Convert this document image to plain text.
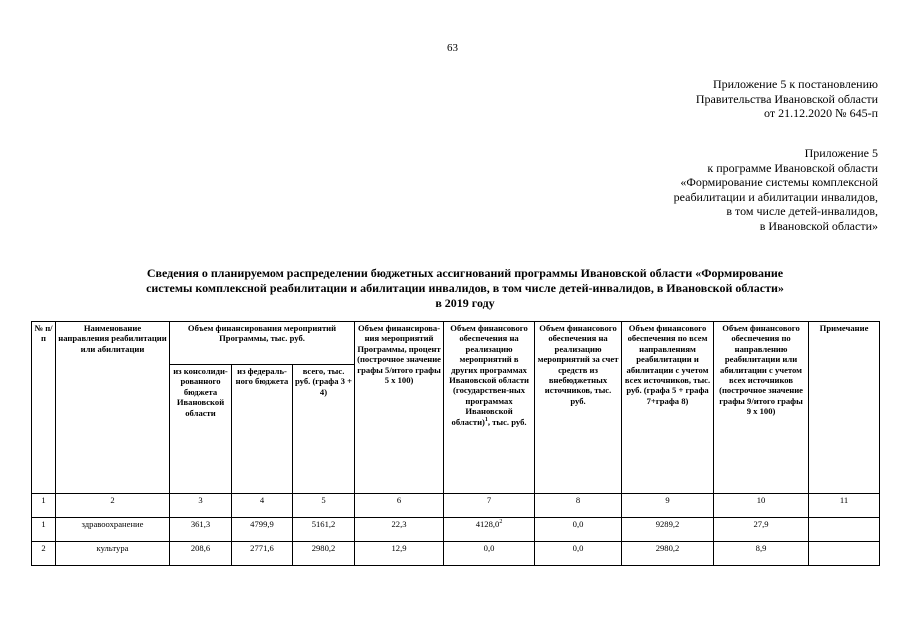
63
Приложение 5 к постановлению
Правительства Ивановской области
от 21.12.2020 № 645-п
Приложение 5
к программе Ивановской области
«Формирование системы комплексной
реабилитации и абилитации инвалидов,
в том числе детей-инвалидов,
в Ивановской области»
Сведения о планируемом распределении бюджетных ассигнований программы Ивановской области «Формирование
системы комплексной реабилитации и абилитации инвалидов, в том числе детей-инвалидов, в Ивановской области»
в 2019 году
№ п/п	Наименование направления реабилитации или абилитации	Объем финансирования мероприятий Программы, тыс. руб.			Объем финансирова-ния мероприятий Программы, процент (построчное значение графы 5/итого графы 5 х 100)	Объем финансового обеспечения на реализацию мероприятий в других программах Ивановской области (государствен-ных программах Ивановской области)$^1$, тыс. руб.	Объем финансового обеспечения на реализацию мероприятий за счет средств из внебюджетных источников, тыс. руб.	Объем финансового обеспечения по всем направлениям реабилитации и абилитации с учетом всех источников, тыс. руб. (графа 5 + графа 7+графа 8)	Объем финансового обеспечения по направлению реабилитации или абилитации с учетом всех источников (построчное значение графы 9/итого графы 9 х 100)	Примечание
		из консолиди-рованного бюджета Ивановской области	из федераль-ного бюджета	всего, тыс. руб. (графа 3 + 4)						
1	2	3	4	5	6	7	8	9	10	11
1	здравоохранение	361,3	4799,9	5161,2	22,3	4128,0$^2$	0,0	9289,2	27,9	
2	культура	208,6	2771,6	2980,2	12,9	0,0	0,0	2980,2	8,9	
